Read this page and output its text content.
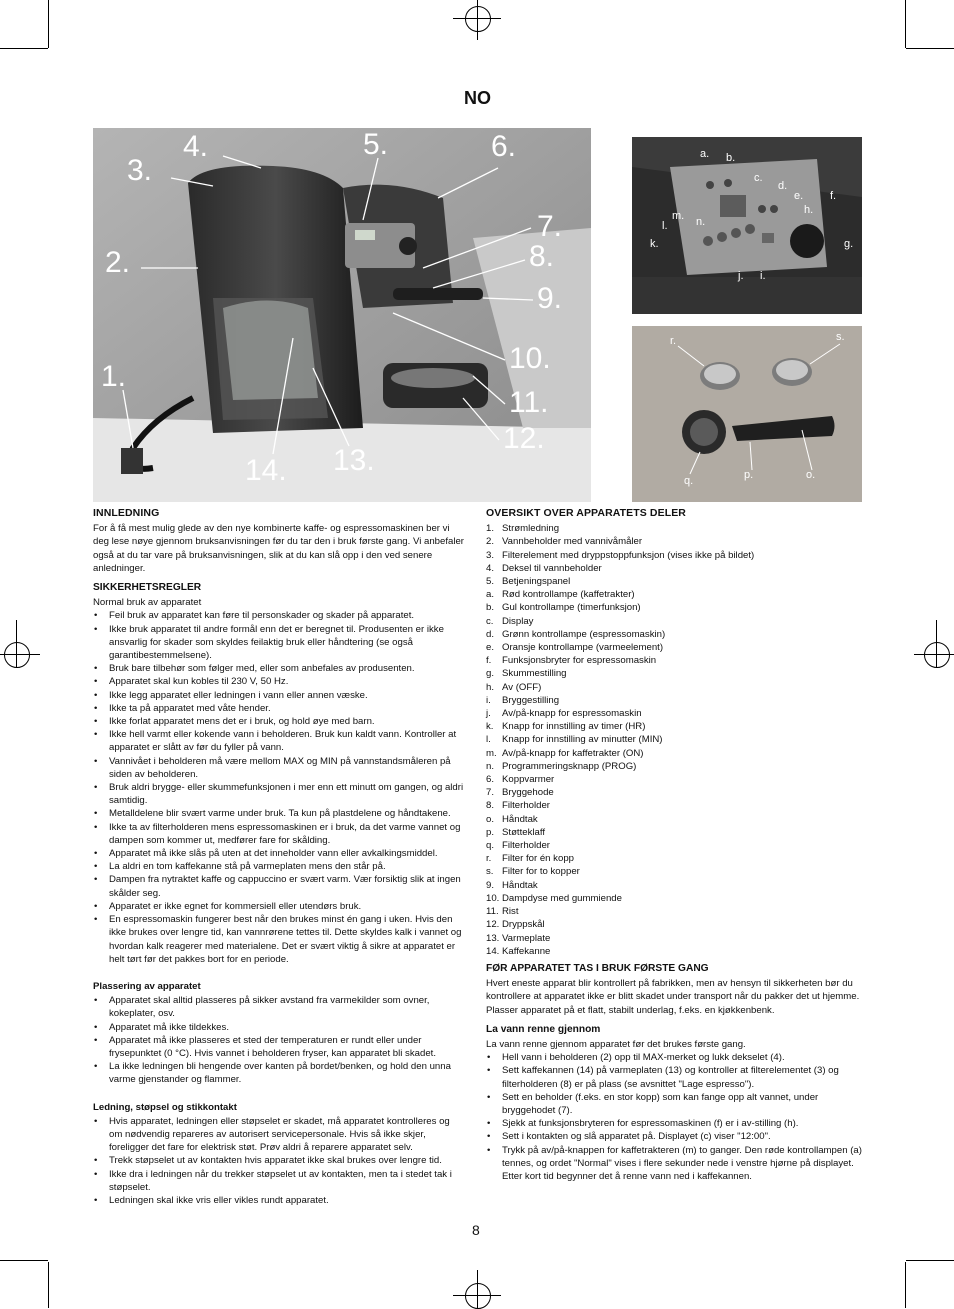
NO
1.
2.
3.
4.	5.	6.
7.
8.
9.
10.
11.
12.
13.
14.
a. b.
c.
d.
e. f.
g.
h.
i.
j.
k.
l.
m. n.
r.	s.
q.	p.	o.
INNLEDNING

For å få mest mulig glede av den nye kombinerte kaffe- og espressomaskinen ber vi deg lese nøye gjennom bruksanvisningen før du tar den i bruk første gang. Vi anbefaler også at du tar vare på bruksanvisningen, slik at du kan slå opp i den ved senere anledninger.

SIKKERHETSREGLER

Normal bruk av apparatet

• Feil bruk av apparatet kan føre til personskader og skader på apparatet.
• Ikke bruk apparatet til andre formål enn det er beregnet til. Produsenten er ikke ansvarlig for skader som skyldes feilaktig bruk eller håndtering (se også garantibestemmelsene).
• Bruk bare tilbehør som følger med, eller som anbefales av produsenten.
• Apparatet skal kun kobles til 230 V, 50 Hz.
• Ikke legg apparatet eller ledningen i vann eller annen væske.
• Ikke ta på apparatet med våte hender.
• Ikke forlat apparatet mens det er i bruk, og hold øye med barn.
• Ikke hell varmt eller kokende vann i beholderen. Bruk kun kaldt vann. Kontroller at apparatet er slått av før du fyller på vann.
• Vannivået i beholderen må være mellom MAX og MIN på vannstandsmåleren på siden av beholderen.
• Bruk aldri brygge- eller skummefunksjonen i mer enn ett minutt om gangen, og aldri samtidig.
• Metalldelene blir svært varme under bruk. Ta kun på plastdelene og håndtakene.
• Ikke ta av filterholderen mens espressomaskinen er i bruk, da det varme vannet og dampen som kommer ut, medfører fare for skålding.
• Apparatet må ikke slås på uten at det inneholder vann eller avkalkingsmiddel.
• La aldri en tom kaffekanne stå på varmeplaten mens den står på.
• Dampen fra nytraktet kaffe og cappuccino er svært varm. Vær forsiktig slik at ingen skålder seg.
• Apparatet er ikke egnet for kommersiell eller utendørs bruk.
• En espressomaskin fungerer best når den brukes minst én gang i uken. Hvis den ikke brukes over lengre tid, kan vannrørene tettes til. Dette skyldes kalk i vannet og hvordan kalk reagerer med materialene. Det er svært viktig å sikre at apparatet er helt tørt før det pakkes bort for en periode.
Plassering av apparatet
• Apparatet skal alltid plasseres på sikker avstand fra varmekilder som ovner, kokeplater, osv.
• Apparatet må ikke tildekkes.
• Apparatet må ikke plasseres et sted der temperaturen er rundt eller under frysepunktet (0 °C). Hvis vannet i beholderen fryser, kan apparatet bli skadet.
• La ikke ledningen bli hengende over kanten på bordet/benken, og hold den unna varme gjenstander og flammer.
Ledning, støpsel og stikkontakt
• Hvis apparatet, ledningen eller støpselet er skadet, må apparatet kontrolleres og om nødvendig repareres av autorisert servicepersonale. Hvis så ikke skjer, foreligger det fare for elektrisk støt. Prøv aldri å reparere apparatet selv.
• Trekk støpselet ut av kontakten hvis apparatet ikke skal brukes over lengre tid.
• Ikke dra i ledningen når du trekker støpselet ut av kontakten, men ta i stedet tak i støpselet.
• Ledningen skal ikke vris eller vikles rundt apparatet.
OVERSIKT OVER APPARATETS DELER
1. Strømledning
2. Vannbeholder med vannivåmåler
3. Filterelement med dryppstoppfunksjon (vises ikke på bildet)
4. Deksel til vannbeholder
5. Betjeningspanel
a. Rød kontrollampe (kaffetrakter)
b. Gul kontrollampe (timerfunksjon)
c. Display
d. Grønn kontrollampe (espressomaskin)
e. Oransje kontrollampe (varmeelement)
f. Funksjonsbryter for espressomaskin
g. Skummestilling
h. Av (OFF)
i. Bryggestilling
j. Av/på-knapp for espressomaskin
k. Knapp for innstilling av timer (HR)
l. Knapp for innstilling av minutter (MIN)
m. Av/på-knapp for kaffetrakter (ON)
n. Programmeringsknapp (PROG)
6. Koppvarmer
7. Bryggehode
8. Filterholder
o. Håndtak
p. Støtteklaff
q. Filterholder
r. Filter for én kopp
s. Filter for to kopper
9. Håndtak
10. Dampdyse med gummiende
11. Rist
12. Dryppskål
13. Varmeplate
14. Kaffekanne
FØR APPARATET TAS I BRUK FØRSTE GANG

Hvert eneste apparat blir kontrollert på fabrikken, men av hensyn til sikkerheten bør du kontrollere at apparatet ikke er blitt skadet under transport når du pakker det ut hjemme.

Plasser apparatet på et flatt, stabilt underlag, f.eks. en kjøkkenbenk.

La vann renne gjennom

La vann renne gjennom apparatet før det brukes første gang.

• Hell vann i beholderen (2) opp til MAX-merket og lukk dekselet (4).
• Sett kaffekannen (14) på varmeplaten (13) og kontroller at filterelementet (3) og filterholderen (8) er på plass (se avsnittet "Lage espresso").
• Sett en beholder (f.eks. en stor kopp) som kan fange opp alt vannet, under bryggehodet (7).
• Sjekk at funksjonsbryteren for espressomaskinen (f) er i av-stilling (h).
• Sett i kontakten og slå apparatet på. Displayet (c) viser "12:00".
• Trykk på av/på-knappen for kaffetrakteren (m) to ganger. Den røde kontrollampen (a) tennes, og ordet "Normal" vises i flere sekunder nede i venstre hjørne på displayet. Etter kort tid begynner det å renne vann ned i kaffekannen.
8
